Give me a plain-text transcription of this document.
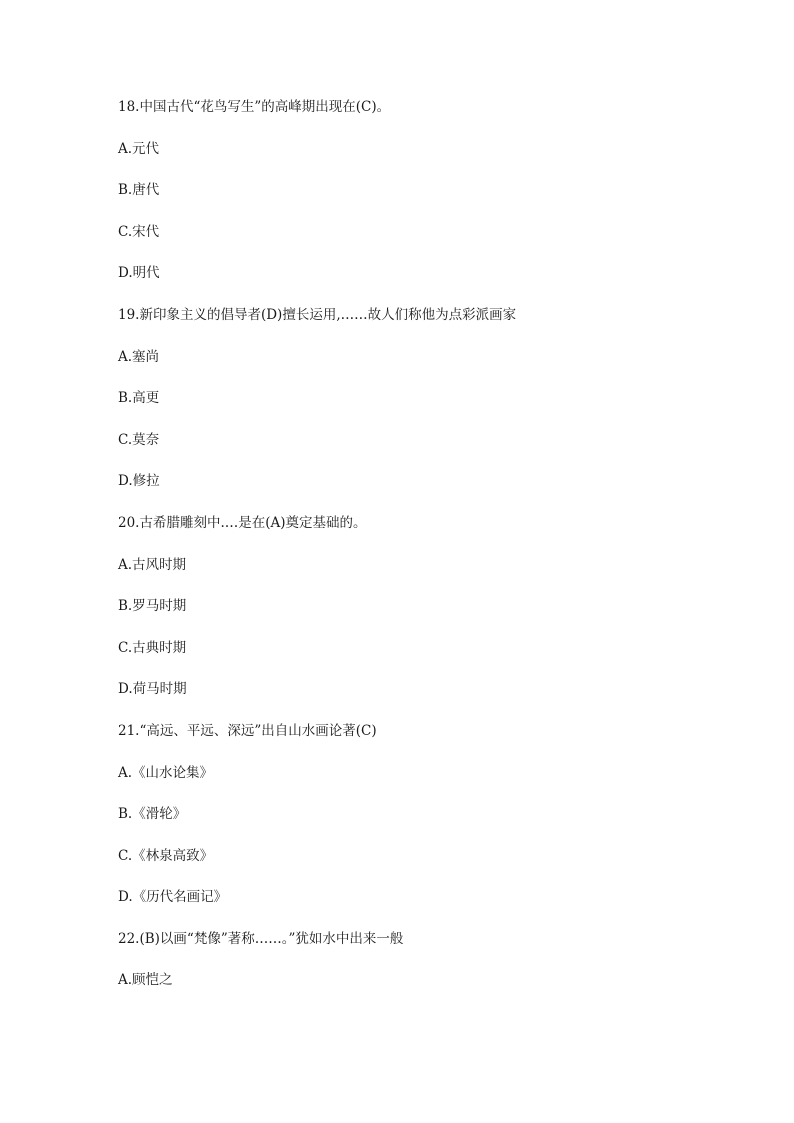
18.中国古代“花鸟写生”的高峰期出现在(C)。
A.元代
B.唐代
C.宋代
D.明代
19.新印象主义的倡导者(D)擅长运用,……故人们称他为点彩派画家
A.塞尚
B.高更
C.莫奈
D.修拉
20.古希腊雕刻中.…是在(A)奠定基础的。
A.古风时期
B.罗马时期
C.古典时期
D.荷马时期
21.“高远、平远、深远”出自山水画论著(C)
A.《山水论集》
B.《滑轮》
C.《林泉高致》
D.《历代名画记》
22.(B)以画“梵像”著称……。”犹如水中出来一般
A.顾恺之
